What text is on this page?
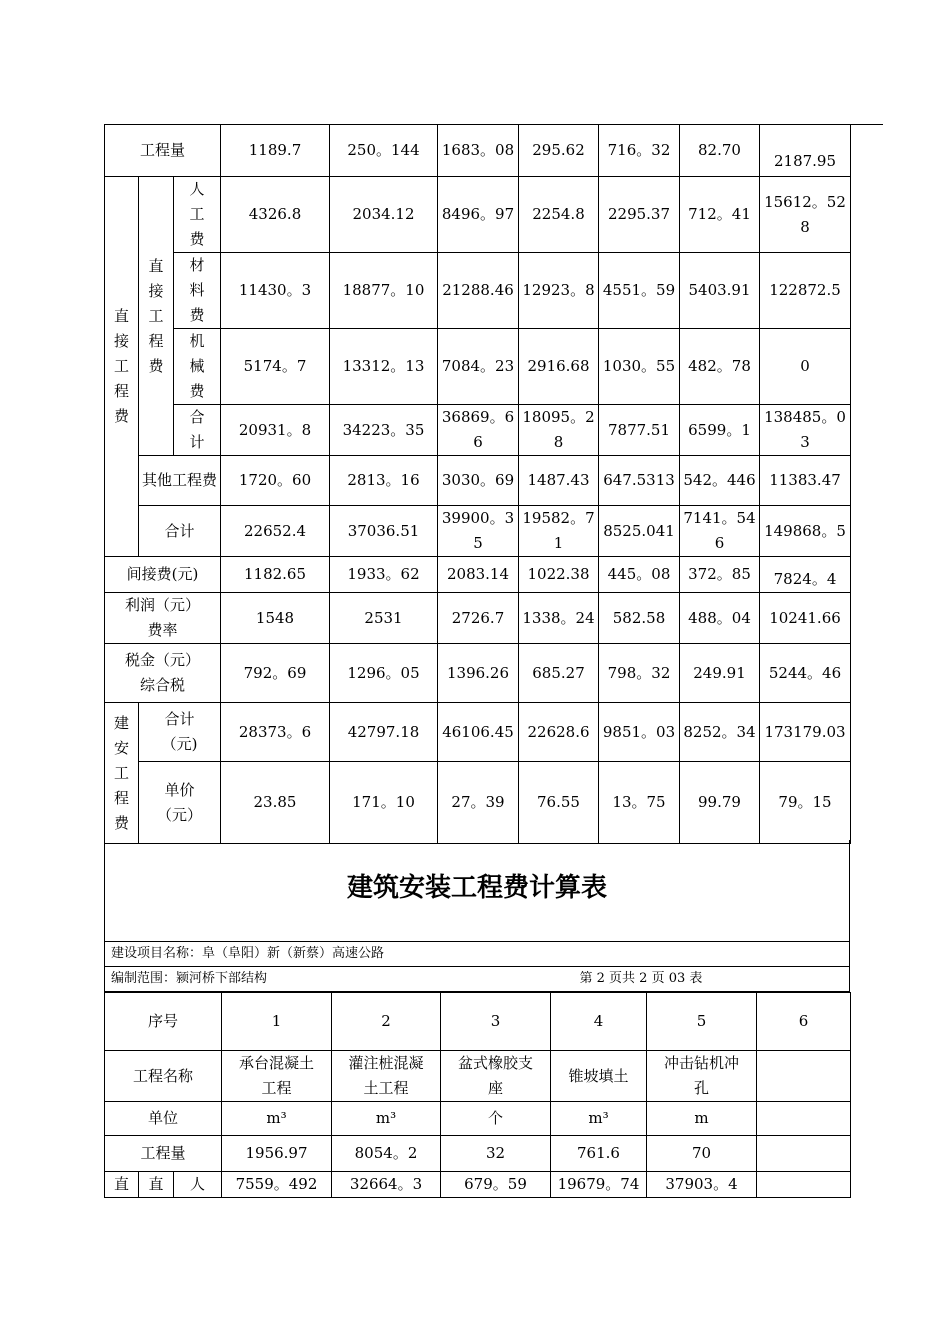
工程量			1189.7	250。144	1683。08	295.62	716。32	82.70	2187.95
直接工程费	直接工程费	人工费	4326.8	2034.12	8496。97	2254.8	2295.37	712。41	15612。528
		材料费	11430。3	18877。10	21288.46	12923。8	4551。59	5403.91	122872.5
		机械费	5174。7	13312。13	7084。23	2916.68	1030。55	482。78	0
		合计	20931。8	34223。35	36869。66	18095。28	7877.51	6599。1	138485。03
	其他工程费		1720。60	2813。16	3030。69	1487.43	647.5313	542。446	11383.47
	合计		22652.4	37036.51	39900。35	19582。71	8525.041	7141。546	149868。5
间接费(元)			1182.65	1933。62	2083.14	1022.38	445。08	372。85	7824。4
利润（元）费率			1548	2531	2726.7	1338。24	582.58	488。04	10241.66
税金（元）综合税			792。69	1296。05	1396.26	685.27	798。32	249.91	5244。46
建安工程费	合计（元)		28373。6	42797.18	46106.45	22628.6	9851。03	8252。34	173179.03
	单价（元）		23.85	171。10	27。39	76.55	13。75	99.79	79。15
建筑安装工程费计算表
建设项目名称：阜（阜阳）新（新蔡）高速公路
编制范围：颍河桥下部结构	第 2 页共 2 页 03 表
序号			1	2	3	4	5	6
工程名称			承台混凝土工程	灌注桩混凝土工程	盆式橡胶支座	锥坡填土	冲击钻机冲孔	
单位			m³	m³	个	m³	m	
工程量			1956.97	8054。2	32	761.6	70	
直	直	人	7559。492	32664。3	679。59	19679。74	37903。4	
